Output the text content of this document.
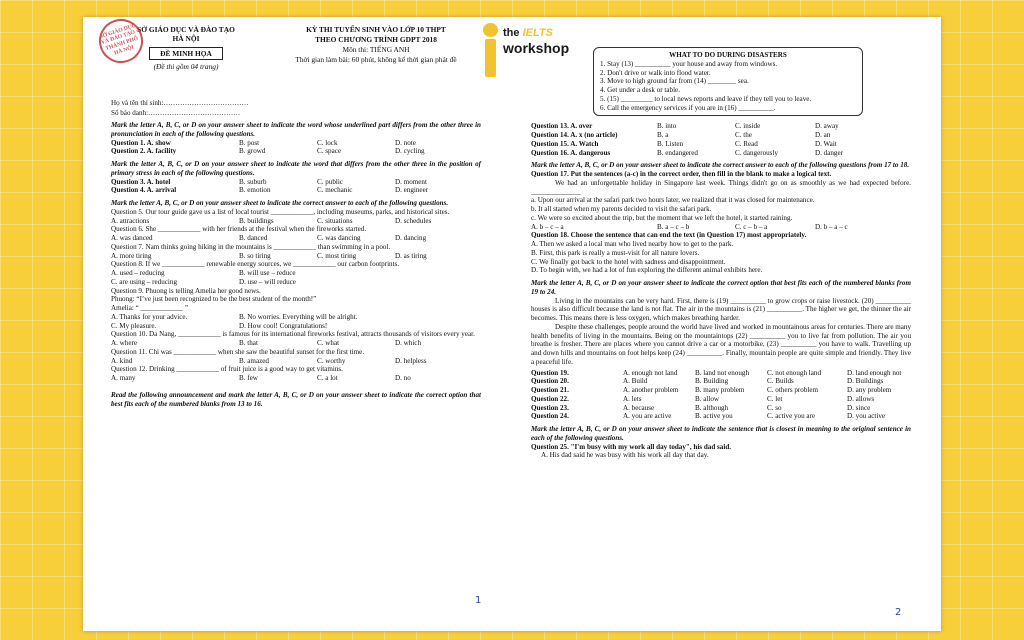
SỞ GIÁO DỤC VÀ ĐÀO TẠO
HÀ NỘI
ĐỀ MINH HỌA
(Đề thi gồm 04 trang)
SỞ GIÁO DỤC VÀ ĐÀO TẠO · THÀNH PHỐ HÀ NỘI
KỲ THI TUYỂN SINH VÀO LỚP 10 THPT
THEO CHƯƠNG TRÌNH GDPT 2018
Môn thi: TIẾNG ANH
Thời gian làm bài: 60 phút, không kể thời gian phát đề
Họ và tên thí sinh:………………………………
Số báo danh:…………………………………
Mark the letter A, B, C, or D on your answer sheet to indicate the word whose underlined part differs from the other three in pronunciation in each of the following questions.
Question 1. A. show	B. post	C. lock	D. note
Question 2. A. facility	B. growd	C. space	D. cycling
Mark the letter A, B, C, or D on your answer sheet to indicate the word that differs from the other three in the position of primary stress in each of the following questions.
Question 3. A. hotel	B. suburb	C. public	D. moment
Question 4. A. arrival	B. emotion	C. mechanic	D. engineer
Mark the letter A, B, C, or D on your answer sheet to indicate the correct answer to each of the following questions.
Question 5. Our tour guide gave us a list of local tourist ____________, including museums, parks, and historical sites.
A. attractions	B. buildings	C. situations	D. schedules
Question 6. She ____________ with her friends at the festival when the fireworks started.
A. was danced	B. danced	C. was dancing	D. dancing
Question 7. Nam thinks going hiking in the mountains is ____________ than swimming in a pool.
A. more tiring	B. so tiring	C. most tiring	D. as tiring
Question 8. If we ____________ renewable energy sources, we ____________ our carbon footprints.
A. used – reducing	B. will use – reduce
C. are using – reducing	D. use – will reduce
Question 9. Phuong is telling Amelia her good news.
Phuong: “I’ve just been recognized to be the best student of the month!”
Amelia: “ ____________ ”
A. Thanks for your advice.	B. No worries. Everything will be alright.
C. My pleasure.	D. How cool! Congratulations!
Question 10. Da Nang, ____________ is famous for its international fireworks festival, attracts thousands of visitors every year.
A. where	B. that	C. what	D. which
Question 11. Chi was ____________ when she saw the beautiful sunset for the first time.
A. kind	B. amazed	C. worthy	D. helpless
Question 12. Drinking ____________ of fruit juice is a good way to get vitamins.
A. many	B. few	C. a lot	D. no
Read the following announcement and mark the letter A, B, C, or D on your answer sheet to indicate the correct option that best fits each of the numbered blanks from 13 to 16.
1
the IELTS
workshop	WHAT TO DO DURING DISASTERS
1. Stay (13) __________ your house and away from windows.
2. Don't drive or walk into flood water.
3. Move to high ground far from (14) ________ sea.
4. Get under a desk or table.
5. (15) _________ to local news reports and leave if they tell you to leave.
6. Call the emergency services if you are in (16) __________.
Question 13. A. over	B. into	C. inside	D. away
Question 14. A. x (no article)	B. a	C. the	D. an
Question 15. A. Watch	B. Listen	C. Read	D. Wait
Question 16. A. dangerous	B. endangered	C. dangerously	D. danger
Mark the letter A, B, C, or D on your answer sheet to indicate the correct answer to each of the following questions from 17 to 18.
Question 17. Put the sentences (a-c) in the correct order, then fill in the blank to make a logical text.
We had an unforgettable holiday in Singapore last week. Things didn't go on as smoothly as we had expected before. ______________
a. Upon our arrival at the safari park two hours later, we realized that it was closed for maintenance.
b. It all started when my parents decided to visit the safari park.
c. We were so excited about the trip, but the moment that we left the hotel, it started raining.
A. b – c – a	B. a – c – b	C. c – b – a	D. b – a – c
Question 18. Choose the sentence that can end the text (in Question 17) most appropriately.
A. Then we asked a local man who lived nearby how to get to the park.
B. First, this park is really a must-visit for all nature lovers.
C. We finally got back to the hotel with sadness and disappointment.
D. To begin with, we had a lot of fun exploring the different animal exhibits here.
Mark the letter A, B, C, or D on your answer sheet to indicate the correct option that best fits each of the numbered blanks from 19 to 24.
Living in the mountains can be very hard. First, there is (19) __________ to grow crops or raise livestock. (20) __________ houses is also difficult because the land is not flat. The air in the mountains is (21) __________. The higher we get, the thinner the air becomes. This means there is less oxygen, which makes breathing harder.
Despite these challenges, people around the world have lived and worked in mountainous areas for centuries. There are many health benefits of living in the mountains. Being on the mountaintops (22) __________ you to live far from pollution. The air you breathe is fresher. There are places where you cannot drive a car or a motorbike, (23) __________ you have to walk. Travelling up and down hills and mountains on foot helps keep (24) __________. Finally, mountain people are quite simple and friendly. They live a peaceful life.
Question 19.	A. enough not land	B. land not enough	C. not enough land	D. land enough not
Question 20.	A. Build	B. Building	C. Builds	D. Buildings
Question 21.	A. another problem	B. many problem	C. others problem	D. any problem
Question 22.	A. lets	B. allow	C. let	D. allows
Question 23.	A. because	B. although	C. so	D. since
Question 24.	A. you are active	B. active you	C. active you are	D. you active
Mark the letter A, B, C, or D on your answer sheet to indicate the sentence that is closest in meaning to the original sentence in each of the following questions.
Question 25. "I'm busy with my work all day today", his dad said.
A. His dad said he was busy with his work all day that day.
2
